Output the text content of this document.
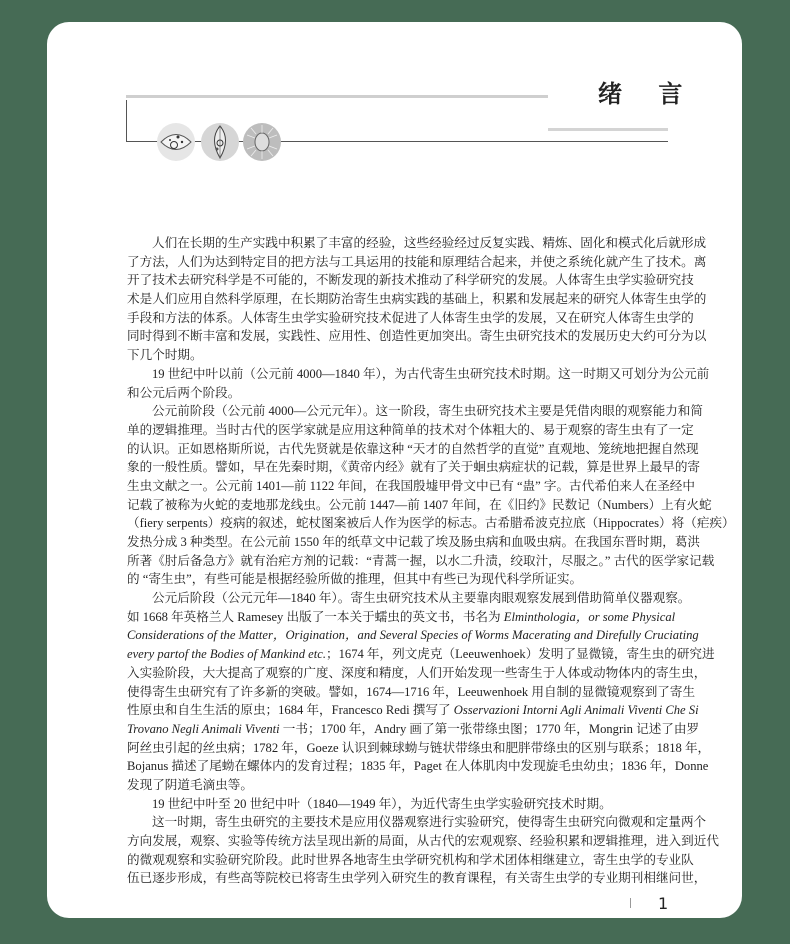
绪 言
人们在长期的生产实践中积累了丰富的经验，这些经验经过反复实践、精炼、固化和模式化后就形成
了方法，人们为达到特定目的把方法与工具运用的技能和原理结合起来，并使之系统化就产生了技术。离
开了技术去研究科学是不可能的，不断发现的新技术推动了科学研究的发展。人体寄生虫学实验研究技
术是人们应用自然科学原理，在长期防治寄生虫病实践的基础上，积累和发展起来的研究人体寄生虫学的
手段和方法的体系。人体寄生虫学实验研究技术促进了人体寄生虫学的发展，又在研究人体寄生虫学的
同时得到不断丰富和发展，实践性、应用性、创造性更加突出。寄生虫研究技术的发展历史大约可分为以
下几个时期。
19 世纪中叶以前（公元前 4000—1840 年），为古代寄生虫研究技术时期。这一时期又可划分为公元前
和公元后两个阶段。
公元前阶段（公元前 4000—公元元年）。这一阶段，寄生虫研究技术主要是凭借肉眼的观察能力和简
单的逻辑推理。当时古代的医学家就是应用这种简单的技术对个体粗大的、易于观察的寄生虫有了一定
的认识。正如恩格斯所说，古代先贤就是依靠这种 “天才的自然哲学的直觉” 直观地、笼统地把握自然现
象的一般性质。譬如，早在先秦时期，《黄帝内经》就有了关于蛔虫病症状的记载，算是世界上最早的寄
生虫文献之一。公元前 1401—前 1122 年间，在我国殷墟甲骨文中已有 “蛊” 字。古代希伯来人在圣经中
记载了被称为火蛇的麦地那龙线虫。公元前 1447—前 1407 年间，在《旧约》民数记（Numbers）上有火蛇
（fiery serpents）疫病的叙述，蛇杖图案被后人作为医学的标志。古希腊希波克拉底（Hippocrates）将（疟疾）
发热分成 3 种类型。在公元前 1550 年的纸草文中记载了埃及肠虫病和血吸虫病。在我国东晋时期，葛洪
所著《肘后备急方》就有治疟方剂的记载：“青蒿一握，以水二升渍，绞取汁，尽服之。” 古代的医学家记载
的 “寄生虫”，有些可能是根据经验所做的推理，但其中有些已为现代科学所证实。
公元后阶段（公元元年—1840 年）。寄生虫研究技术从主要靠肉眼观察发展到借助简单仪器观察。
如 1668 年英格兰人 Ramesey 出版了一本关于蠕虫的英文书，书名为 Elminthologia，or some Physical
Considerations of the Matter，Origination，and Several Species of Worms Macerating and Direfully Cruciating
every partof the Bodies of Mankind etc.；1674 年，列文虎克（Leeuwenhoek）发明了显微镜，寄生虫的研究进
入实验阶段，大大提高了观察的广度、深度和精度，人们开始发现一些寄生于人体或动物体内的寄生虫，
使得寄生虫研究有了许多新的突破。譬如，1674—1716 年，Leeuwenhoek 用自制的显微镜观察到了寄生
性原虫和自生生活的原虫；1684 年，Francesco Redi 撰写了 Osservazioni Intorni Agli Animali Viventi Che Si
Trovano Negli Animali Viventi 一书；1700 年，Andry 画了第一张带绦虫图；1770 年，Mongrin 记述了由罗
阿丝虫引起的丝虫病；1782 年，Goeze 认识到棘球蚴与链状带绦虫和肥胖带绦虫的区别与联系；1818 年，
Bojanus 描述了尾蚴在螺体内的发育过程；1835 年，Paget 在人体肌肉中发现旋毛虫幼虫；1836 年，Donne
发现了阴道毛滴虫等。
19 世纪中叶至 20 世纪中叶（1840—1949 年），为近代寄生虫学实验研究技术时期。
这一时期，寄生虫研究的主要技术是应用仪器观察进行实验研究，使得寄生虫研究向微观和定量两个
方向发展，观察、实验等传统方法呈现出新的局面，从古代的宏观观察、经验积累和逻辑推理，进入到近代
的微观观察和实验研究阶段。此时世界各地寄生虫学研究机构和学术团体相继建立，寄生虫学的专业队
伍已逐步形成，有些高等院校已将寄生虫学列入研究生的教育课程，有关寄生虫学的专业期刊相继问世，
1
